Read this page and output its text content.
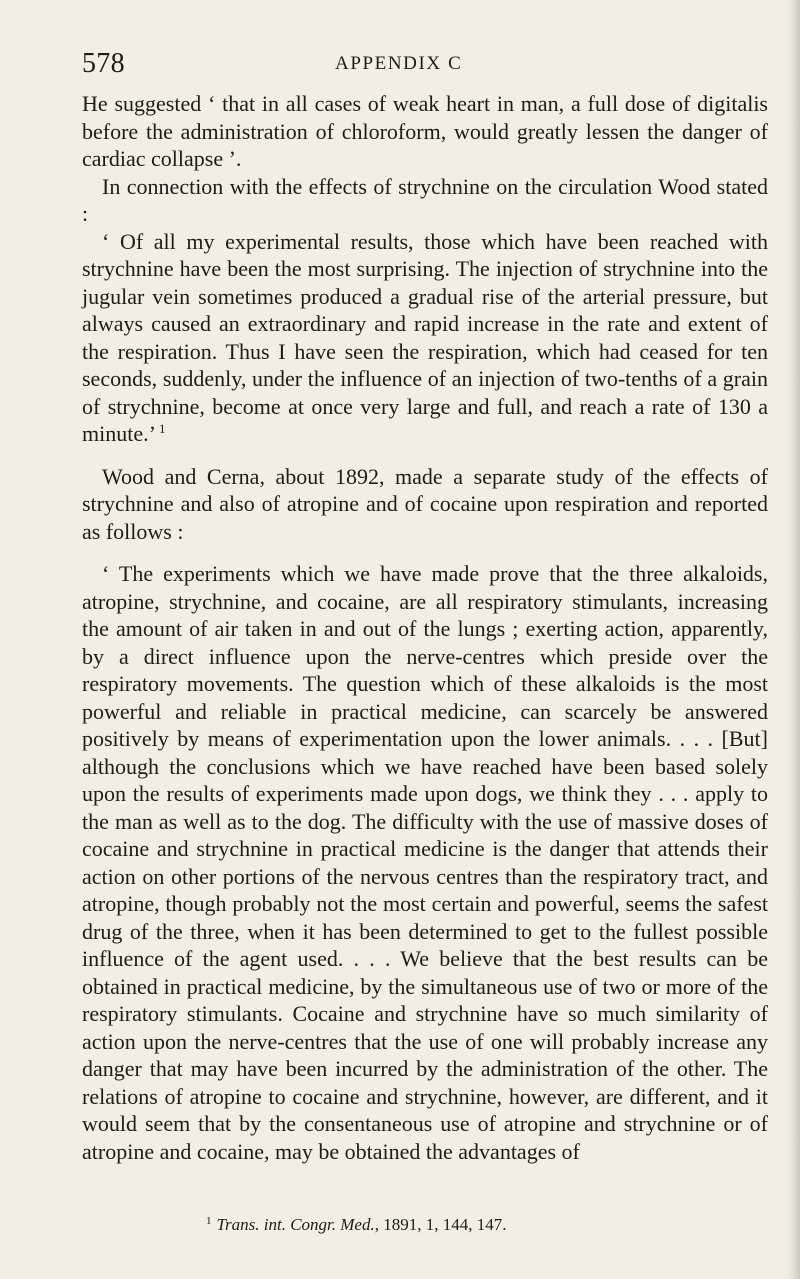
578	APPENDIX C

He suggested ‘ that in all cases of weak heart in man, a full dose of digitalis before the administration of chloroform, would greatly lessen the danger of cardiac collapse ’.

In connection with the effects of strychnine on the circulation Wood stated :

‘ Of all my experimental results, those which have been reached with strychnine have been the most surprising. The injection of strychnine into the jugular vein sometimes produced a gradual rise of the arterial pressure, but always caused an extraordinary and rapid increase in the rate and extent of the respiration. Thus I have seen the respiration, which had ceased for ten seconds, suddenly, under the influence of an injection of two-tenths of a grain of strychnine, become at once very large and full, and reach a rate of 130 a minute.’ $^1$

Wood and Cerna, about 1892, made a separate study of the effects of strychnine and also of atropine and of cocaine upon respiration and reported as follows :

‘ The experiments which we have made prove that the three alkaloids, atropine, strychnine, and cocaine, are all respiratory stimulants, increasing the amount of air taken in and out of the lungs ; exerting action, apparently, by a direct influence upon the nerve-centres which preside over the respiratory movements. The question which of these alkaloids is the most powerful and reliable in practical medicine, can scarcely be answered positively by means of experimentation upon the lower animals. . . . [But] although the conclusions which we have reached have been based solely upon the results of experiments made upon dogs, we think they . . . apply to the man as well as to the dog. The difficulty with the use of massive doses of cocaine and strychnine in practical medicine is the danger that attends their action on other portions of the nervous centres than the respiratory tract, and atropine, though probably not the most certain and powerful, seems the safest drug of the three, when it has been determined to get to the fullest possible influence of the agent used. . . . We believe that the best results can be obtained in practical medicine, by the simultaneous use of two or more of the respiratory stimulants. Cocaine and strychnine have so much similarity of action upon the nerve-centres that the use of one will probably increase any danger that may have been incurred by the administration of the other. The relations of atropine to cocaine and strychnine, however, are different, and it would seem that by the consentaneous use of atropine and strychnine or of atropine and cocaine, may be obtained the advantages of

$^1$ Trans. int. Congr. Med., 1891, 1, 144, 147.
